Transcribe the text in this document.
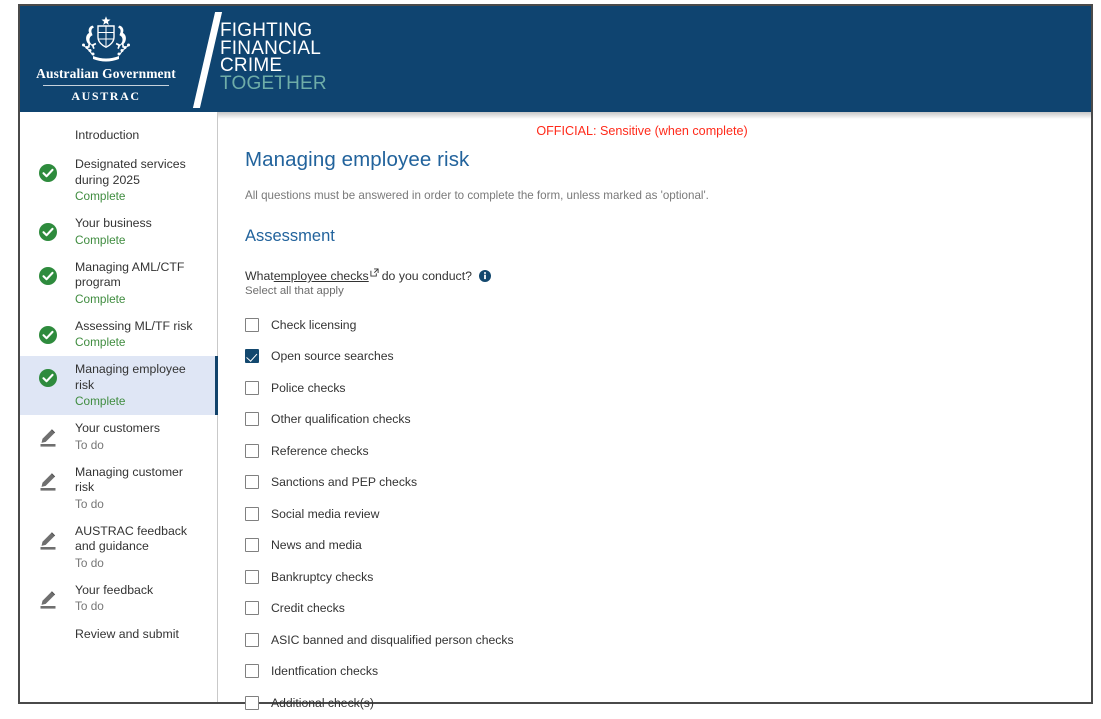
Australian Government
AUSTRAC
FIGHTING
FINANCIAL
CRIME
TOGETHER
Introduction
Designated services during 2025
Complete
Your business
Complete
Managing AML/CTF program
Complete
Assessing ML/TF risk
Complete
Managing employee risk
Complete
Your customers
To do
Managing customer risk
To do
AUSTRAC feedback and guidance
To do
Your feedback
To do
Review and submit
OFFICIAL: Sensitive (when complete)
Managing employee risk

All questions must be answered in order to complete the form, unless marked as 'optional'.

Assessment
What employee checks do you conduct?
Select all that apply
Check licensing
Open source searches
Police checks
Other qualification checks
Reference checks
Sanctions and PEP checks
Social media review
News and media
Bankruptcy checks
Credit checks
ASIC banned and disqualified person checks
Identfication checks
Additional check(s)
